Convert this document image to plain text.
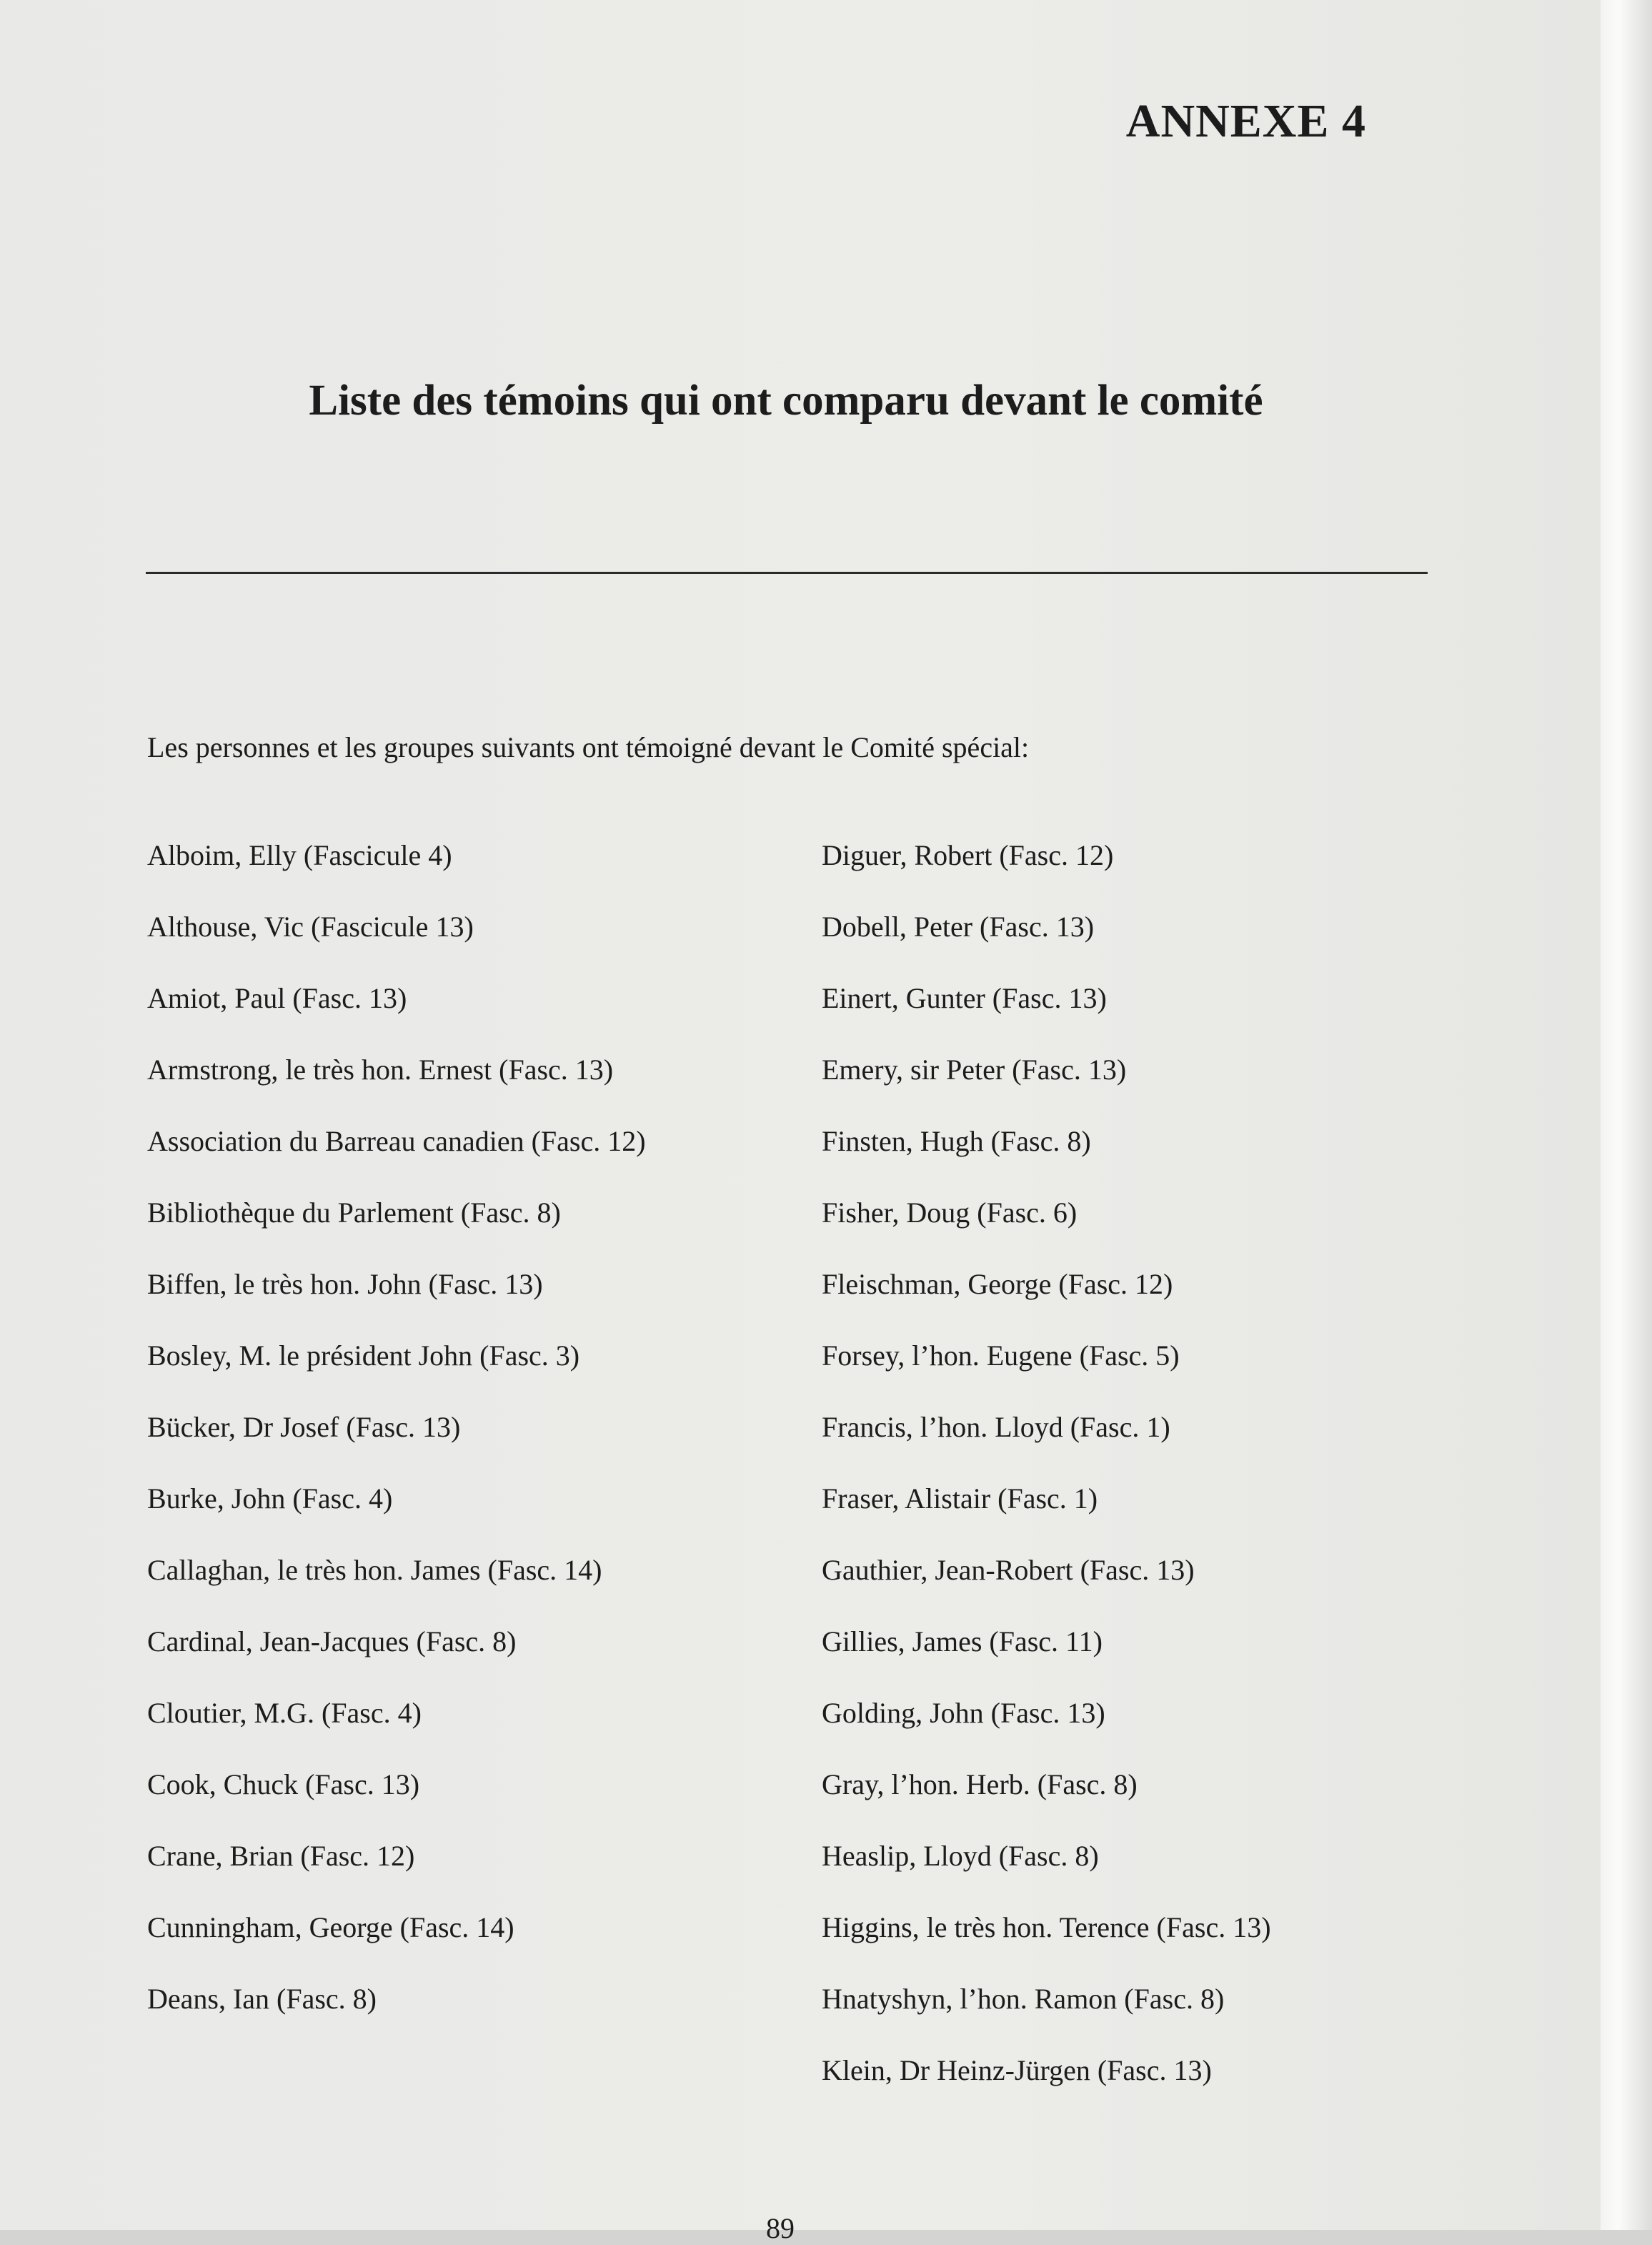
ANNEXE 4
Liste des témoins qui ont comparu devant le comité
Les personnes et les groupes suivants ont témoigné devant le Comité spécial:
Alboim, Elly (Fascicule 4)
Althouse, Vic (Fascicule 13)
Amiot, Paul (Fasc. 13)
Armstrong, le très hon. Ernest (Fasc. 13)
Association du Barreau canadien (Fasc. 12)
Bibliothèque du Parlement (Fasc. 8)
Biffen, le très hon. John (Fasc. 13)
Bosley, M. le président John (Fasc. 3)
Bücker, Dr Josef (Fasc. 13)
Burke, John (Fasc. 4)
Callaghan, le très hon. James (Fasc. 14)
Cardinal, Jean-Jacques (Fasc. 8)
Cloutier, M.G. (Fasc. 4)
Cook, Chuck (Fasc. 13)
Crane, Brian (Fasc. 12)
Cunningham, George (Fasc. 14)
Deans, Ian (Fasc. 8)
Diguer, Robert (Fasc. 12)
Dobell, Peter (Fasc. 13)
Einert, Gunter (Fasc. 13)
Emery, sir Peter (Fasc. 13)
Finsten, Hugh (Fasc. 8)
Fisher, Doug (Fasc. 6)
Fleischman, George (Fasc. 12)
Forsey, l’hon. Eugene (Fasc. 5)
Francis, l’hon. Lloyd (Fasc. 1)
Fraser, Alistair (Fasc. 1)
Gauthier, Jean-Robert (Fasc. 13)
Gillies, James (Fasc. 11)
Golding, John (Fasc. 13)
Gray, l’hon. Herb. (Fasc. 8)
Heaslip, Lloyd (Fasc. 8)
Higgins, le très hon. Terence (Fasc. 13)
Hnatyshyn, l’hon. Ramon (Fasc. 8)
Klein, Dr Heinz-Jürgen (Fasc. 13)
89
